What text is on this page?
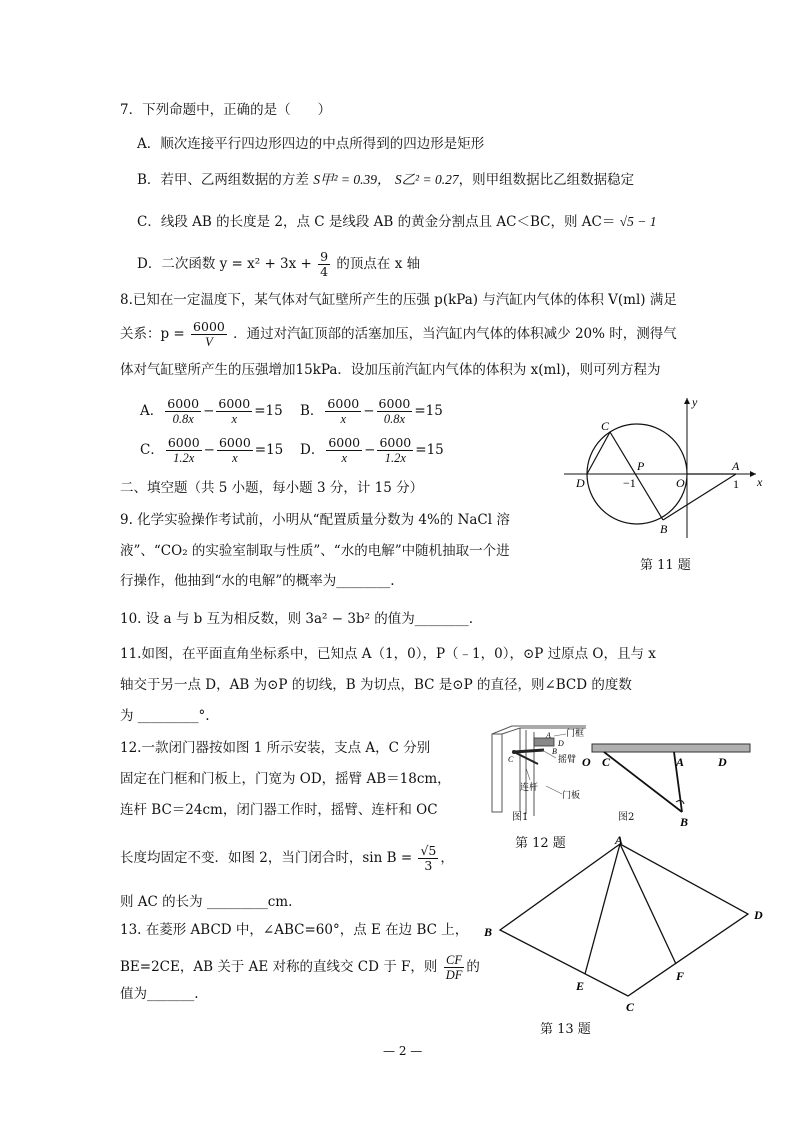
7．下列命题中，正确的是（　　）
A．顺次连接平行四边形四边的中点所得到的四边形是矩形
B．若甲、乙两组数据的方差 S甲² = 0.39， S乙² = 0.27，则甲组数据比乙组数据稳定
C．线段 AB 的长度是 2，点 C 是线段 AB 的黄金分割点且 AC＜BC，则 AC＝ √5 − 1
D．二次函数 $y = x^2 + 3x + \frac{9}{4}$ 的顶点在 x 轴
8.已知在一定温度下，某气体对气缸壁所产生的压强 p(kPa) 与汽缸内气体的体积 V(ml) 满足
关系：$p = \frac{6000}{V}$ ．通过对汽缸顶部的活塞加压，当汽缸内气体的体积减少 20% 时，测得气
体对气缸壁所产生的压强增加15kPa．设加压前汽缸内气体的体积为 x(ml)，则可列方程为
A． $\frac{6000}{0.8x} - \frac{6000}{x} =15$ B． $\frac{6000}{x} - \frac{6000}{0.8x} =15$
C． $\frac{6000}{1.2x} - \frac{6000}{x} =15$ D． $\frac{6000}{x} - \frac{6000}{1.2x} =15$
二、填空题（共 5 小题，每小题 3 分，计 15 分）
9. 化学实验操作考试前，小明从“配置质量分数为 4%的 NaCl 溶
液”、“CO₂ 的实验室制取与性质”、“水的电解”中随机抽取一个进
行操作，他抽到“水的电解”的概率为________.
10. 设 a 与 b 互为相反数，则 3a² − 3b² 的值为________.
11.如图，在平面直角坐标系中，已知点 A（1，0），P（﹣1，0），⊙P 过原点 O，且与 x
轴交于另一点 D，AB 为⊙P 的切线，B 为切点，BC 是⊙P 的直径，则∠BCD 的度数
为 _________°.
12.一款闭门器按如图 1 所示安装，支点 A，C 分别
固定在门框和门板上，门宽为 OD，摇臂 AB＝18cm，
连杆 BC＝24cm，闭门器工作时，摇臂、连杆和 OC
长度均固定不变．如图 2，当门闭合时，$\sin B = \frac{√5}{3}$ ，
则 AC 的长为 _________cm.
13. 在菱形 ABCD 中，∠ABC=60°，点 E 在边 BC 上，
BE=2CE，AB 关于 AE 对称的直线交 CD 于 F，则 $\frac{CF}{DF}$ 的
值为_______.
y
x
C
P	A
D	−1	O	1
B
第 11 题
门框
摇臂
连杆
门板
A
B
C
D
图1	图2
O C	A	D
B
第 12 题	A
B
C
D
E
F
第 13 题
— 2 —
